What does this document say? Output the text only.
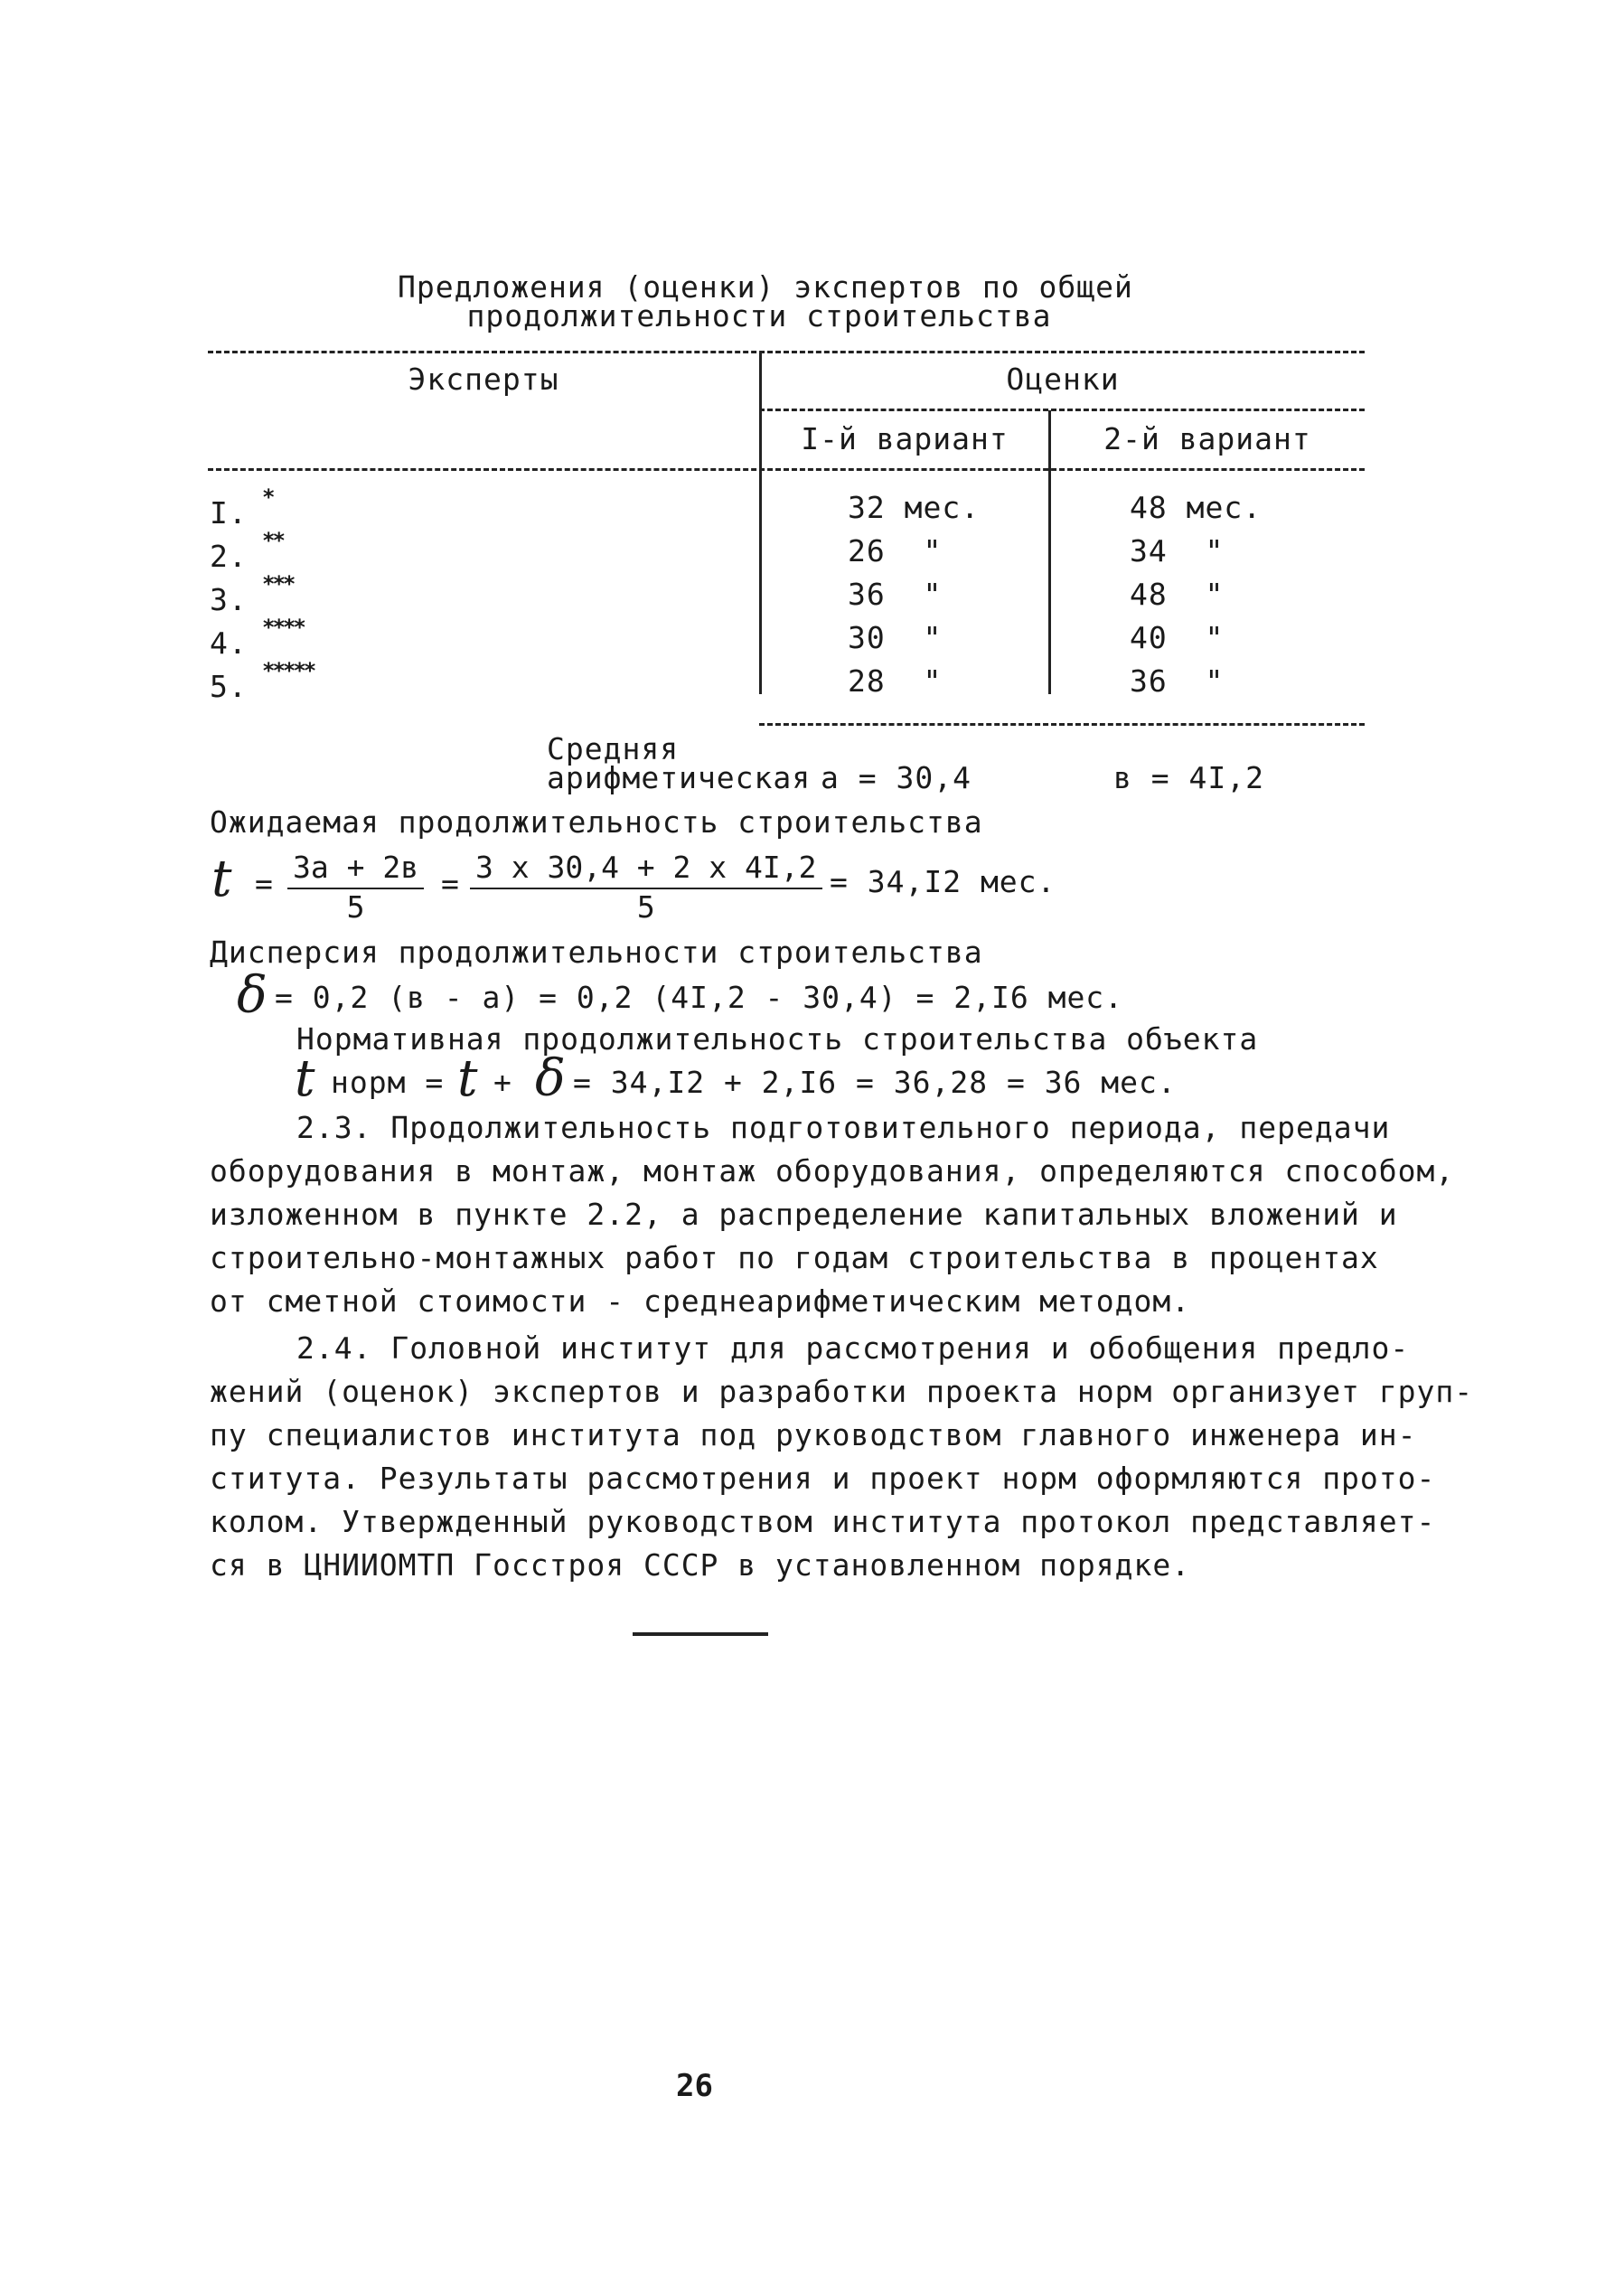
Предложения (оценки) экспертов по общей
продолжительности строительства
Эксперты	Оценки
I-й вариант	2-й вариант
I. *	32 мес.	48 мес.
2. **	26  "	34  "
3. ***	36  "	48  "
4. ****	30  "	40  "
5. *****	28  "	36  "
Средняя
арифметическая а = 30,4	в = 4I,2
Ожидаемая продолжительность строительства
t = 3а + 2в
5
= 3 х 30,4 + 2 х 4I,2
5
= 34,I2 мес.
Дисперсия продолжительности строительства
δ = 0,2 (в - а) = 0,2 (4I,2 - 30,4) = 2,I6 мес.
Нормативная продолжительность строительства объекта
t норм = t + δ = 34,I2 + 2,I6 = 36,28 = 36 мес.
2.3. Продолжительность подготовительного периода, передачи
оборудования в монтаж, монтаж оборудования, определяются способом,
изложенном в пункте 2.2, а распределение капитальных вложений и
строительно-монтажных работ по годам строительства в процентах
от сметной стоимости - среднеарифметическим методом.
2.4. Головной институт для рассмотрения и обобщения предло-
жений (оценок) экспертов и разработки проекта норм организует груп-
пу специалистов института под руководством главного инженера ин-
ститута. Результаты рассмотрения и проект норм оформляются прото-
колом. Утвержденный руководством института протокол представляет-
ся в ЦНИИОМТП Госстроя СССР в установленном порядке.
26
